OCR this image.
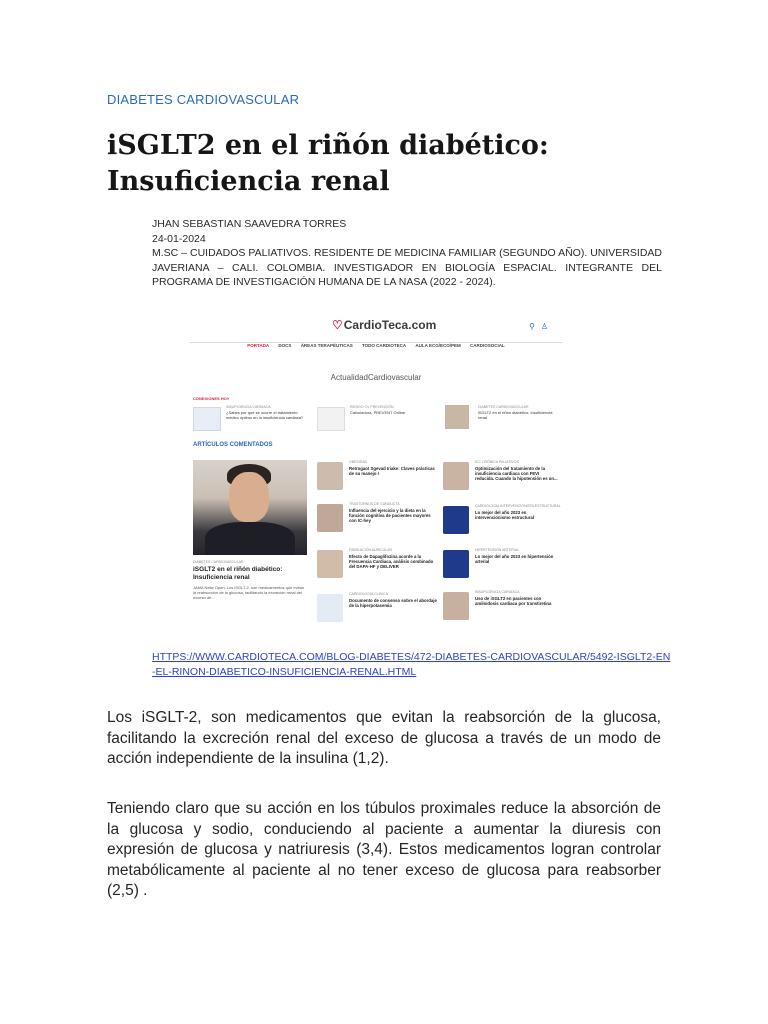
DIABETES CARDIOVASCULAR
iSGLT2 en el riñón diabético:
Insuficiencia renal
JHAN SEBASTIAN SAAVEDRA TORRES
24-01-2024
M.SC – CUIDADOS PALIATIVOS. RESIDENTE DE MEDICINA FAMILIAR (SEGUNDO AÑO). UNIVERSIDAD JAVERIANA – CALI. COLOMBIA. INVESTIGADOR EN BIOLOGÍA ESPACIAL. INTEGRANTE DEL PROGRAMA DE INVESTIGACIÓN HUMANA DE LA NASA (2022 - 2024).
♡CardioTeca.com	⚲♙
PORTADA DOCS ÁREAS TERAPÉUTICAS TODO CARDIOTECA AULA ECG/ECO/PEM CARDIOSOCIAL
ActualidadCardiovascular
CONEXIONES HOY
INSUFICIENCIA CARDIACA
¿Sabes por qué se ocurre el tratamiento médico óptimo en la insuficiencia cardiaca?
RIESGO CV PREVENCIÓN
Calculadora. PREVENT Online
DIABETES CARDIOVASCULAR
iSGLT2 en el riñón diabético: Insuficiencia renal
ARTÍCULOS COMENTADOS
DIABETES CARDIOVASCULAR
iSGLT2 en el riñón diabético: Insuficiencia renal
JAMA Netw Open. Los iSGLT-2, son medicamentos que evitan la reabsorción de la glucosa, facilitando la excreción renal del exceso de...
OBESIDAD
Retrogaot Sgevad Iriake: Claves prácticas de su manejo I
TRASTORNOS DE CONDUCTA
Influencia del ejercicio y la dieta en la función cognitiva de pacientes mayores con IC-hey
FIBRILACIÓN AURICULAR
Efecto de Dapaglifozina acorde a la Frecuencia Cardiaca, análisis combinado del DAPA-HF y DELIVER
CARDIOLOGÍA CLÍNICA
Documento de consenso sobre el abordaje de la hiperpotasemia
ICC CRÓNICA PALIATIVOS
Optimización del tratamiento de la insuficiencia cardiaca con FEVI reducida. Cuando la hipotensión es un...
CARDIOLOGÍA INTERVENCIONISTA ESTRUCTURAL
Lo mejor del año 2023 en intervencionismo estructural
HIPERTENSIÓN ARTERIAL
Lo mejor del año 2023 en hipertensión arterial
INSUFICIENCIA CARDIACA
Uso de iSGLT2 en pacientes con amiloidosis cardiaca por transtiretina
HTTPS://WWW.CARDIOTECA.COM/BLOG-DIABETES/472-DIABETES-CARDIOVASCULAR/5492-ISGLT2-EN-EL-RINON-DIABETICO-INSUFICIENCIA-RENAL.HTML

Los iSGLT-2, son medicamentos que evitan la reabsorción de la glucosa, facilitando la excreción renal del exceso de glucosa a través de un modo de acción independiente de la insulina (1,2).

Teniendo claro que su acción en los túbulos proximales reduce la absorción de la glucosa y sodio, conduciendo al paciente a aumentar la diuresis con expresión de glucosa y natriuresis (3,4). Estos medicamentos logran controlar metabólicamente al paciente al no tener exceso de glucosa para reabsorber (2,5) .
